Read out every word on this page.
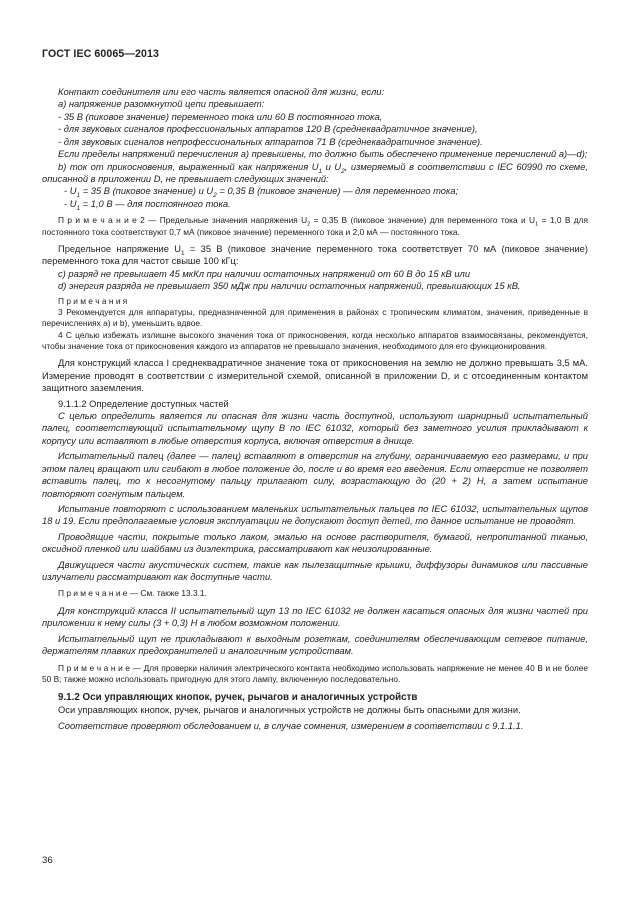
ГОСТ IEC 60065—2013

Контакт соединителя или его часть является опасной для жизни, если:

а) напряжение разомкнутой цепи превышает:

- 35 В (пиковое значение) переменного тока или 60 В постоянного тока,

- для звуковых сигналов профессиональных аппаратов 120 В (среднеквадратичное значение),

- для звуковых сигналов непрофессиональных аппаратов 71 В (среднеквадратичное значение).

Если пределы напряжений перечисления а) превышены, то должно быть обеспечено применение перечислений а)—d);

b) ток от прикосновения, выраженный как напряжения $U_1$ и $U_2$, измеряемый в соответствии с IEC 60990 по схеме, описанной в приложении D, не превышает следующих значений:

- $U_1 = 35$ В (пиковое значение) и $U_2 = 0,35$ В (пиковое значение) — для переменного тока;

- $U_1 = 1,0$ В — для постоянного тока.

П р и м е ч а н и е 2 — Предельные значения напряжения $U_2 = 0,35$ В (пиковое значение) для переменного тока и $U_1 = 1,0$ В для постоянного тока соответствуют 0,7 мА (пиковое значение) переменного тока и 2,0 мА — постоянного тока.

Предельное напряжение $U_1 = 35$ В (пиковое значение переменного тока соответствует 70 мА (пиковое значение) переменного тока для частот свыше 100 кГц:

с) разряд не превышает 45 мкКл при наличии остаточных напряжений от 60 В до 15 кВ или

d) энергия разряда не превышает 350 мДж при наличии остаточных напряжений, превышающих 15 кВ.

П р и м е ч а н и я

3 Рекомендуется для аппаратуры, предназначенной для применения в районах с тропическим климатом, значения, приведенные в перечислениях а) и b), уменьшить вдвое.

4 С целью избежать излишне высокого значения тока от прикосновения, когда несколько аппаратов взаимосвязаны, рекомендуется, чтобы значение тока от прикосновения каждого из аппаратов не превышало значения, необходимого для его функционирования.

Для конструкций класса I среднеквадратичное значение тока от прикосновения на землю не должно превышать 3,5 мА. Измерение проводят в соответствии с измерительной схемой, описанной в приложении D, и с отсоединенным контактом защитного заземления.

9.1.1.2 Определение доступных частей

С целью определить является ли опасная для жизни часть доступной, используют шарнирный испытательный палец, соответствующий испытательному щупу B по IEC 61032, который без заметного усилия прикладывают к корпусу или вставляют в любые отверстия корпуса, включая отверстия в днище.

Испытательный палец (далее — палец) вставляют в отверстия на глубину, ограничиваемую его размерами, и при этом палец вращают или сгибают в любое положение до, после и во время его введения. Если отверстие не позволяет вставить палец, то к несогнутому пальцу прилагают силу, возрастающую до (20 + 2) Н, а затем испытание повторяют согнутым пальцем.

Испытание повторяют с использованием маленьких испытательных пальцев по IEC 61032, испытательных щупов 18 и 19. Если предполагаемые условия эксплуатации не допускают доступ детей, то данное испытание не проводят.

Проводящие части, покрытые только лаком, эмалью на основе растворителя, бумагой, непропитанной тканью, оксидной пленкой или шайбами из диэлектрика, рассматривают как неизолированные.

Движущиеся части акустических систем, такие как пылезащитные крышки, диффузоры динамиков или пассивные излучатели рассматривают как доступные части.

П р и м е ч а н и е — См. также 13.3.1.

Для конструкций класса II испытательный щуп 13 по IEC 61032 не должен касаться опасных для жизни частей при приложении к нему силы (3 + 0,3) Н в любом возможном положении.

Испытательный щуп не прикладывают к выходным розеткам, соединителям обеспечивающим сетевое питание, держателям плавких предохранителей и аналогичным устройствам.

П р и м е ч а н и е — Для проверки наличия электрического контакта необходимо использовать напряжение не менее 40 В и не более 50 В; также можно использовать пригодную для этого лампу, включенную последовательно.

9.1.2 Оси управляющих кнопок, ручек, рычагов и аналогичных устройств

Оси управляющих кнопок, ручек, рычагов и аналогичных устройств не должны быть опасными для жизни.

Соответствие проверяют обследованием и, в случае сомнения, измерением в соответствии с 9.1.1.1.

36
